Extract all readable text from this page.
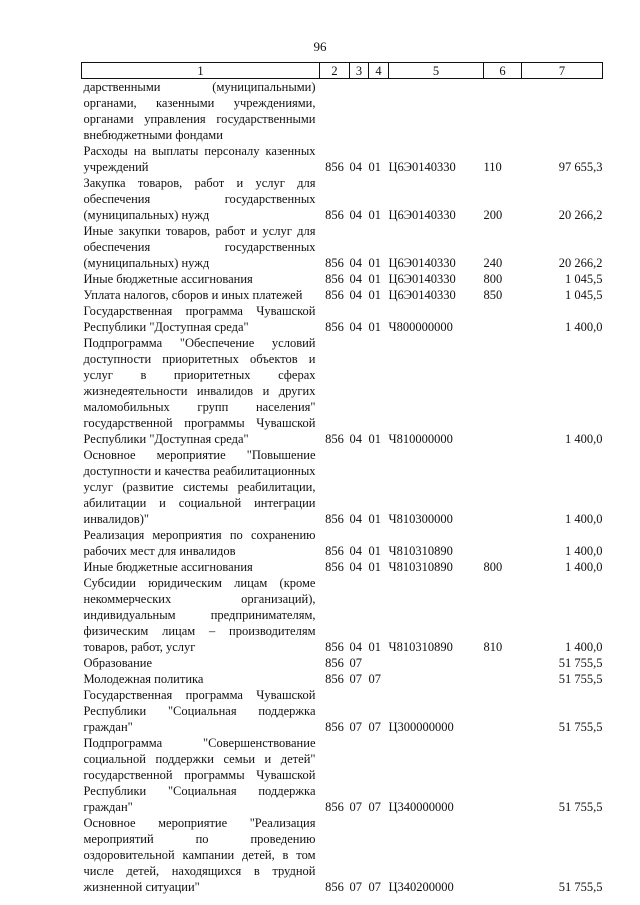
96
1	2	3	4	5	6	7
дарственными (муниципальными) органами, казенными учреждениями, органами управления государственными внебюджетными фондами						
Расходы на выплаты персоналу казенных учреждений	856	04	01	Ц6Э0140330	110	97 655,3
Закупка товаров, работ и услуг для обеспечения государственных (муниципальных) нужд	856	04	01	Ц6Э0140330	200	20 266,2
Иные закупки товаров, работ и услуг для обеспечения государственных (муниципальных) нужд	856	04	01	Ц6Э0140330	240	20 266,2
Иные бюджетные ассигнования	856	04	01	Ц6Э0140330	800	1 045,5
Уплата налогов, сборов и иных платежей	856	04	01	Ц6Э0140330	850	1 045,5
Государственная программа Чувашской Республики "Доступная среда"	856	04	01	Ч800000000		1 400,0
Подпрограмма "Обеспечение условий доступности приоритетных объектов и услуг в приоритетных сферах жизнедеятельности инвалидов и других маломобильных групп населения" государственной программы Чувашской Республики "Доступная среда"	856	04	01	Ч810000000		1 400,0
Основное мероприятие "Повышение доступности и качества реабилитационных услуг (развитие системы реабилитации, абилитации и социальной интеграции инвалидов)"	856	04	01	Ч810300000		1 400,0
Реализация мероприятия по сохранению рабочих мест для инвалидов	856	04	01	Ч810310890		1 400,0
Иные бюджетные ассигнования	856	04	01	Ч810310890	800	1 400,0
Субсидии юридическим лицам (кроме некоммерческих организаций), индивидуальным предпринимателям, физическим лицам – производителям товаров, работ, услуг	856	04	01	Ч810310890	810	1 400,0
Образование	856	07				51 755,5
Молодежная политика	856	07	07			51 755,5
Государственная программа Чувашской Республики "Социальная поддержка граждан"	856	07	07	Ц300000000		51 755,5
Подпрограмма "Совершенствование социальной поддержки семьи и детей" государственной программы Чувашской Республики "Социальная поддержка граждан"	856	07	07	Ц340000000		51 755,5
Основное мероприятие "Реализация мероприятий по проведению оздоровительной кампании детей, в том числе детей, находящихся в трудной жизненной ситуации"	856	07	07	Ц340200000		51 755,5
